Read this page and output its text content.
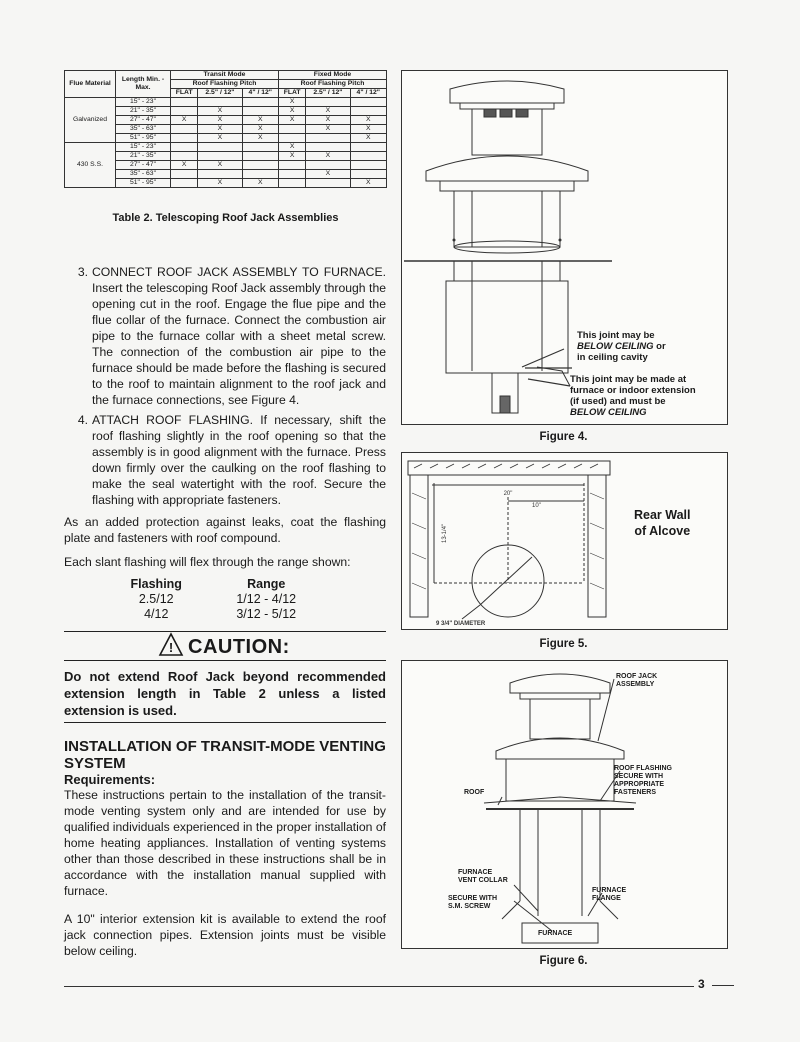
Flue Material	Length Min. - Max.	Transit Mode			Fixed Mode		
		Roof Flashing Pitch			Roof Flashing Pitch		
		FLAT	2.5" / 12"	4" / 12"	FLAT	2.5" / 12"	4" / 12"
Galvanized	15" - 23"				X		
	21" - 35"		X		X	X	
	27" - 47"	X	X	X	X	X	X
	35" - 63"		X	X		X	X
	51" - 95"		X	X			X
430 S.S.	15" - 23"				X		
	21" - 35"				X	X	
	27" - 47"	X	X				
	35" - 63"					X	
	51" - 95"		X	X			X
Table 2. Telescoping Roof Jack Assemblies
3. CONNECT ROOF JACK ASSEMBLY TO FURNACE. Insert the telescoping Roof Jack assembly through the opening cut in the roof. Engage the flue pipe and the flue collar of the furnace. Connect the combustion air pipe to the furnace collar with a sheet metal screw. The connection of the combustion air pipe to the furnace should be made before the flashing is secured to the roof to maintain alignment to the roof jack and the furnace connections, see Figure 4.
4. ATTACH ROOF FLASHING. If necessary, shift the roof flashing slightly in the roof opening so that the assembly is in good alignment with the furnace. Press down firmly over the caulking on the roof flashing to make the seal watertight with the roof. Secure the flashing with appropriate fasteners.
As an added protection against leaks, coat the flashing plate and fasteners with roof compound.
Each slant flashing will flex through the range shown:
Flashing	Range
2.5/12	1/12 - 4/12
4/12	3/12 - 5/12
! CAUTION:
Do not extend Roof Jack beyond recommended extension length in Table 2 unless a listed extension is used.
INSTALLATION OF TRANSIT-MODE VENTING SYSTEM
Requirements:
These instructions pertain to the installation of the transit-mode venting system only and are intended for use by qualified individuals experienced in the proper installation of home heating appliances. Installation of venting systems other than those described in these instructions shall be in accordance with the installation manual supplied with furnace.
A 10" interior extension kit is available to extend the roof jack connection pipes. Extension joints must be visible below ceiling.
This joint may be
BELOW CEILING or
in ceiling cavity
This joint may be made at
furnace or indoor extension
(if used) and must be
BELOW CEILING
Figure 4.
20"
10"
13-1/4"
9 3/4" DIAMETER
Rear Wall
of Alcove
Figure 5.
ROOF JACK
ASSEMBLY
ROOF FLASHING
SECURE WITH
APPROPRIATE
FASTENERS
ROOF
FURNACE
VENT COLLAR
SECURE WITH
S.M. SCREW
FURNACE
FLANGE
FURNACE
Figure 6.
3
